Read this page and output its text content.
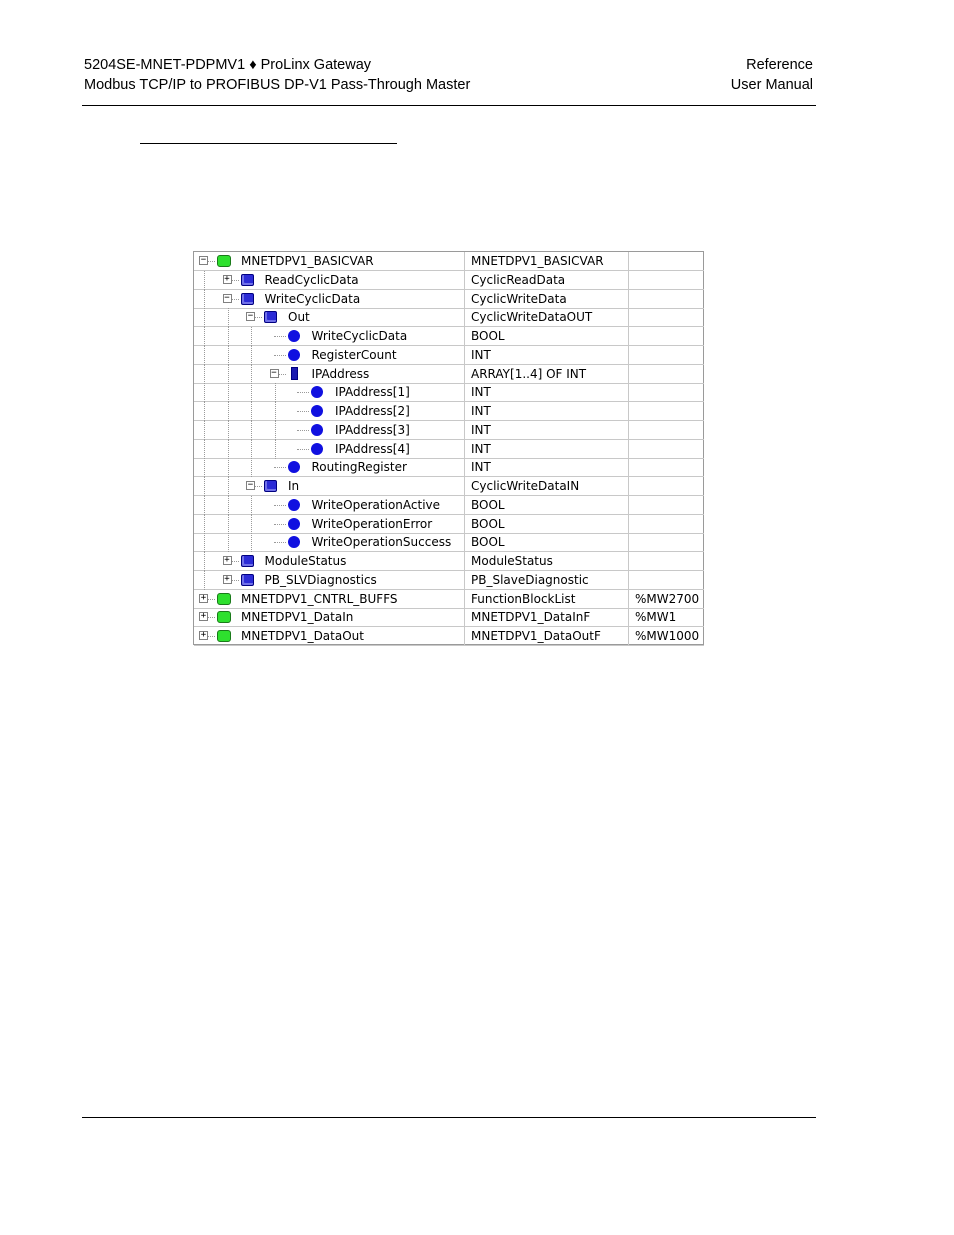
5204SE-MNET-PDPMV1 ♦ ProLinx Gateway
Modbus TCP/IP to PROFIBUS DP-V1 Pass-Through Master
Reference
User Manual
−	MNETDPV1_BASICVAR	MNETDPV1_BASICVAR
+	ReadCyclicData	CyclicReadData
−	WriteCyclicData	CyclicWriteData
−	Out	CyclicWriteDataOUT
WriteCyclicData	BOOL
RegisterCount	INT
−	IPAddress	ARRAY[1..4] OF INT
IPAddress[1]	INT
IPAddress[2]	INT
IPAddress[3]	INT
IPAddress[4]	INT
RoutingRegister	INT
−	In	CyclicWriteDataIN
WriteOperationActive	BOOL
WriteOperationError	BOOL
WriteOperationSuccess BOOL
+	ModuleStatus	ModuleStatus
+	PB_SLVDiagnostics	PB_SlaveDiagnostic
+	MNETDPV1_CNTRL_BUFFS	FunctionBlockList	%MW2700
+	MNETDPV1_DataIn	MNETDPV1_DataInF	%MW1
+	MNETDPV1_DataOut	MNETDPV1_DataOutF	%MW1000
